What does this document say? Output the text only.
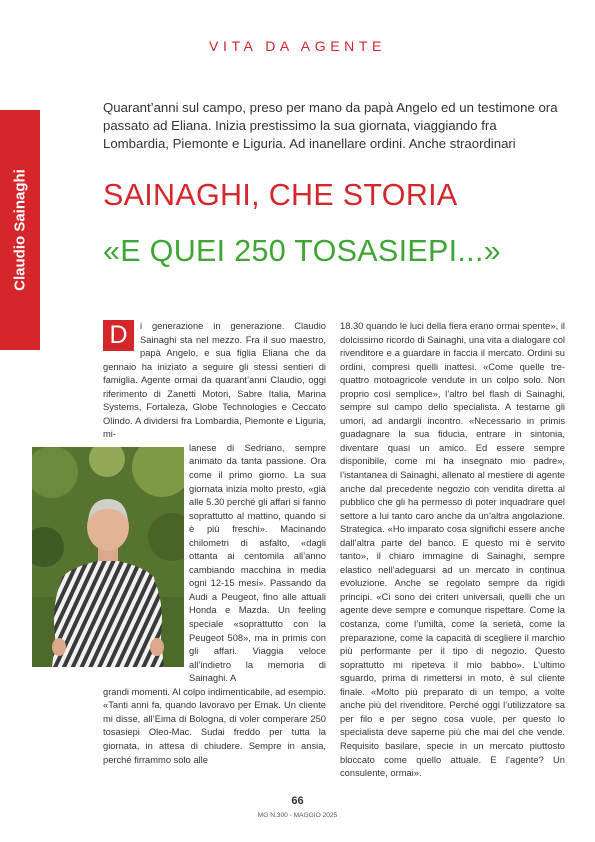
VITA DA AGENTE
Claudio Sainaghi
Quarant’anni sul campo, preso per mano da papà Angelo ed un testimone ora passato ad Eliana. Inizia prestissimo la sua giornata, viaggiando fra Lombardia, Piemonte e Liguria. Ad inanellare ordini. Anche straordinari
SAINAGHI, CHE STORIA
«E QUEI 250 TOSASIEPI...»
D	i generazione in generazione. Claudio Sainaghi sta nel mezzo. Fra il suo maestro, papà Angelo, e sua figlia Eliana che da gennaio ha iniziato a seguire gli stessi sentieri di famiglia. Agente ormai da quarant’anni Claudio, oggi riferimento di Zanetti Motori, Sabre Italia, Marina Systems, Fortaleza, Globe Technologies e Ceccato Olindo. A dividersi fra Lombardia, Piemonte e Liguria, mi-

lanese di Sedriano, sempre animato da tanta passione. Ora come il primo giorno. La sua giornata inizia molto presto, «già alle 5.30 perché gli affari si fanno soprattutto al mattino, quando si è più freschi». Macinando chilometri di asfalto, «dagli ottanta ai centomila all’anno cambiando macchina in media ogni 12-15 mesi». Passando da Audi a Peugeot, fino alle attuali Honda e Mazda. Un feeling speciale «soprattutto con la Peugeot 508», ma in primis con gli affari. Viaggia veloce all’indietro la memoria di Sainaghi. A

grandi momenti. Al colpo indimenticabile, ad esempio. «Tanti anni fa, quando lavoravo per Emak. Un cliente mi disse, all’Eima di Bologna, di voler comperare 250 tosasiepi Oleo-Mac. Sudai freddo per tutta la giornata, in attesa di chiudere. Sempre in ansia, perché firrammo solo alle

18.30 quando le luci della fiera erano ormai spente», il dolcissimo ricordo di Sainaghi, una vita a dialogare col rivenditore e a guardare in faccia il mercato. Ordini su ordini, compresi quelli inattesi. «Come quelle tre-quattro motoagricole vendute in un colpo solo. Non proprio così semplice», l’altro bel flash di Sainaghi, sempre sul campo dello specialista. A testarne gli umori, ad andargli incontro. «Necessario in primis guadagnare la sua fiducia, entrare in sintonia, diventare quasi un amico. Ed essere sempre disponibile, come mi ha insegnato mio padre», l’istantanea di Sainaghi, allenato al mestiere di agente anche dal precedente negozio con vendita diretta al pubblico che gli ha permesso di poter inquadrare quel settore a lui tanto caro anche da un’altra angolazione. Strategica. «Ho imparato cosa significhi essere anche dall’altra parte del banco. E questo mi è servito tanto», il chiaro immagine di Sainaghi, sempre elastico nell’adeguarsi ad un mercato in continua evoluzione. Anche se regolato sempre da rigidi principi. «Ci sono dei criteri universali, quelli che un agente deve sempre e comunque rispettare. Come la costanza, come l’umiltà, come la serietà, come la preparazione, come la capacità di scegliere il marchio più performante per il tipo di negozio. Questo soprattutto mi ripeteva il mio babbo». L’ultimo sguardo, prima di rimettersi in moto, è sul cliente finale. «Molto più preparato di un tempo, a volte anche più del rivenditore. Perché oggi l’utilizzatore sa per filo e per segno cosa vuole, per questo lo specialista deve saperne più che mai del che vende. Requisito basilare, specie in un mercato piuttosto bloccato come quello attuale. E l’agente? Un consulente, ormai».

66
MG N.300 - MAGGIO 2025
